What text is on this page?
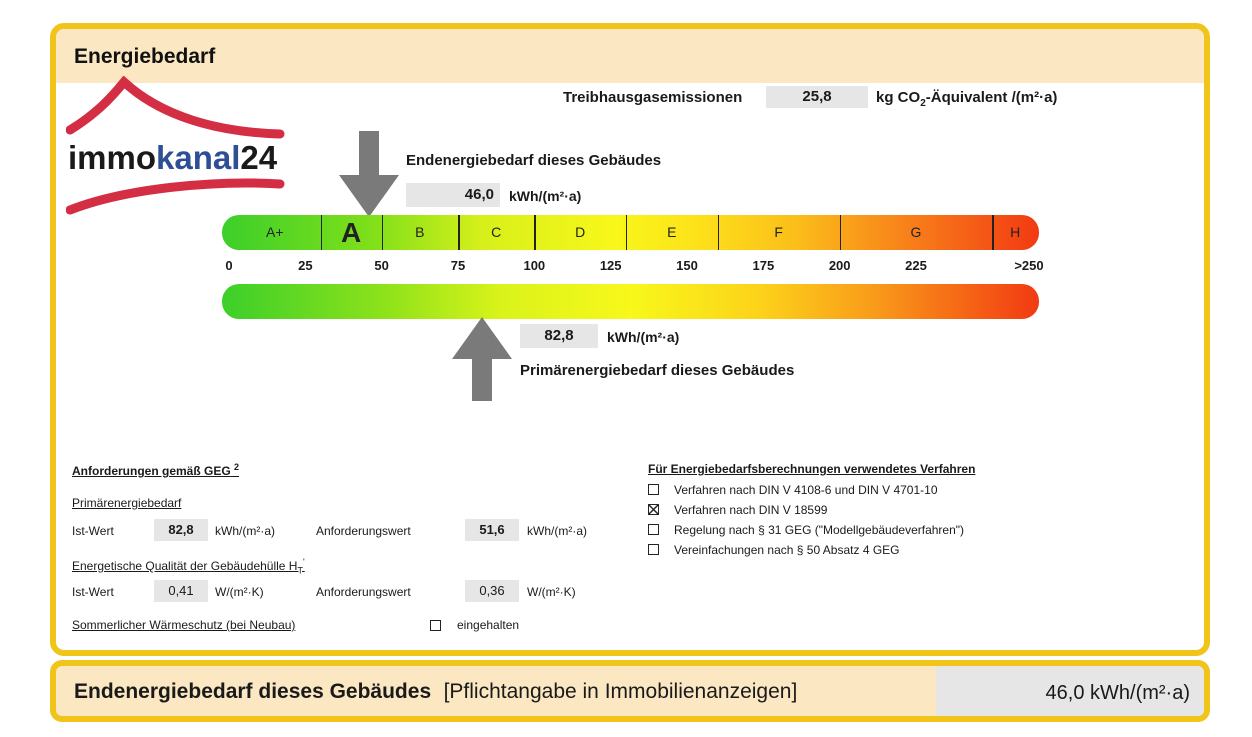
Energiebedarf
immokanal24
Treibhausgasemissionen	25,8	kg $CO_2$-Äquivalent /(m²·a)
Endenergiebedarf dieses Gebäudes
46,0	kWh/(m²·a)
A+	A	B	C	D	E	F	G	H
0	25	50	75	100	125	150	175	200	225	>250
82,8	kWh/(m²·a)
Primärenergiebedarf dieses Gebäudes
Anforderungen gemäß GEG $^2$
Primärenergiebedarf
Ist-Wert	82,8	kWh/(m²·a)	Anforderungswert	51,6	kWh/(m²·a)
Energetische Qualität der Gebäudehülle $H_T'$
Ist-Wert	0,41	W/(m²·K)	Anforderungswert	0,36	W/(m²·K)
Sommerlicher Wärmeschutz (bei Neubau)	eingehalten
Für Energiebedarfsberechnungen verwendetes Verfahren
Verfahren nach DIN V 4108-6 und DIN V 4701-10
Verfahren nach DIN V 18599
Regelung nach § 31 GEG ("Modellgebäudeverfahren")
Vereinfachungen nach § 50 Absatz 4 GEG
Endenergiebedarf dieses Gebäudes [Pflichtangabe in Immobilienanzeigen]	46,0 kWh/(m²·a)
